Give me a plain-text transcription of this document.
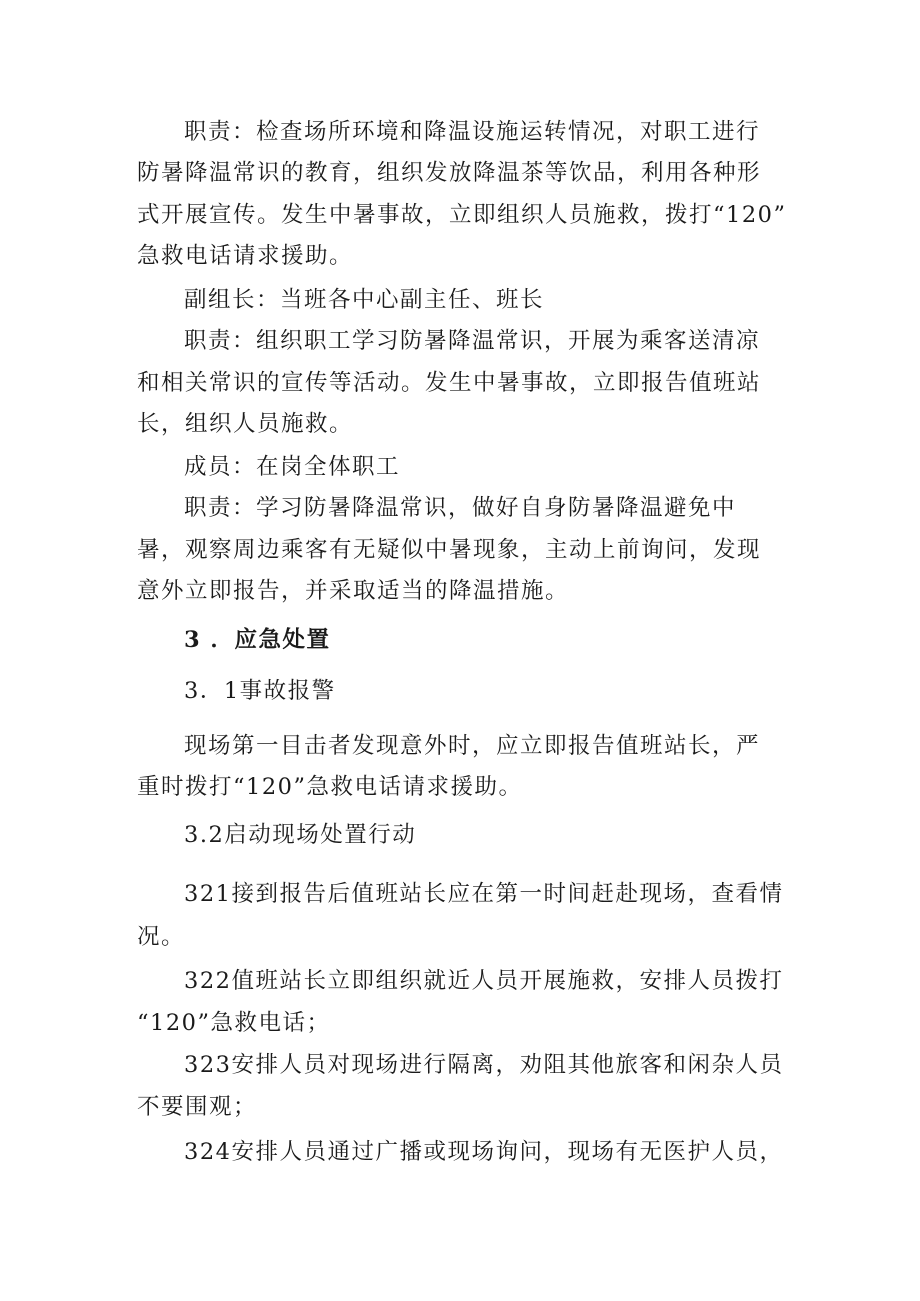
职责：检查场所环境和降温设施运转情况，对职工进行
防暑降温常识的教育，组织发放降温茶等饮品，利用各种形
式开展宣传。发生中暑事故，立即组织人员施救，拨打“120”
急救电话请求援助。
副组长：当班各中心副主任、班长
职责：组织职工学习防暑降温常识，开展为乘客送清凉
和相关常识的宣传等活动。发生中暑事故，立即报告值班站
长，组织人员施救。
成员：在岗全体职工
职责：学习防暑降温常识，做好自身防暑降温避免中
暑，观察周边乘客有无疑似中暑现象，主动上前询问，发现
意外立即报告，并采取适当的降温措施。
3 ．应急处置
3．1事故报警
现场第一目击者发现意外时，应立即报告值班站长，严
重时拨打“120”急救电话请求援助。
3.2启动现场处置行动
321接到报告后值班站长应在第一时间赶赴现场，查看情
况。
322值班站长立即组织就近人员开展施救，安排人员拨打
“120”急救电话；
323安排人员对现场进行隔离，劝阻其他旅客和闲杂人员
不要围观；
324安排人员通过广播或现场询问，现场有无医护人员，
